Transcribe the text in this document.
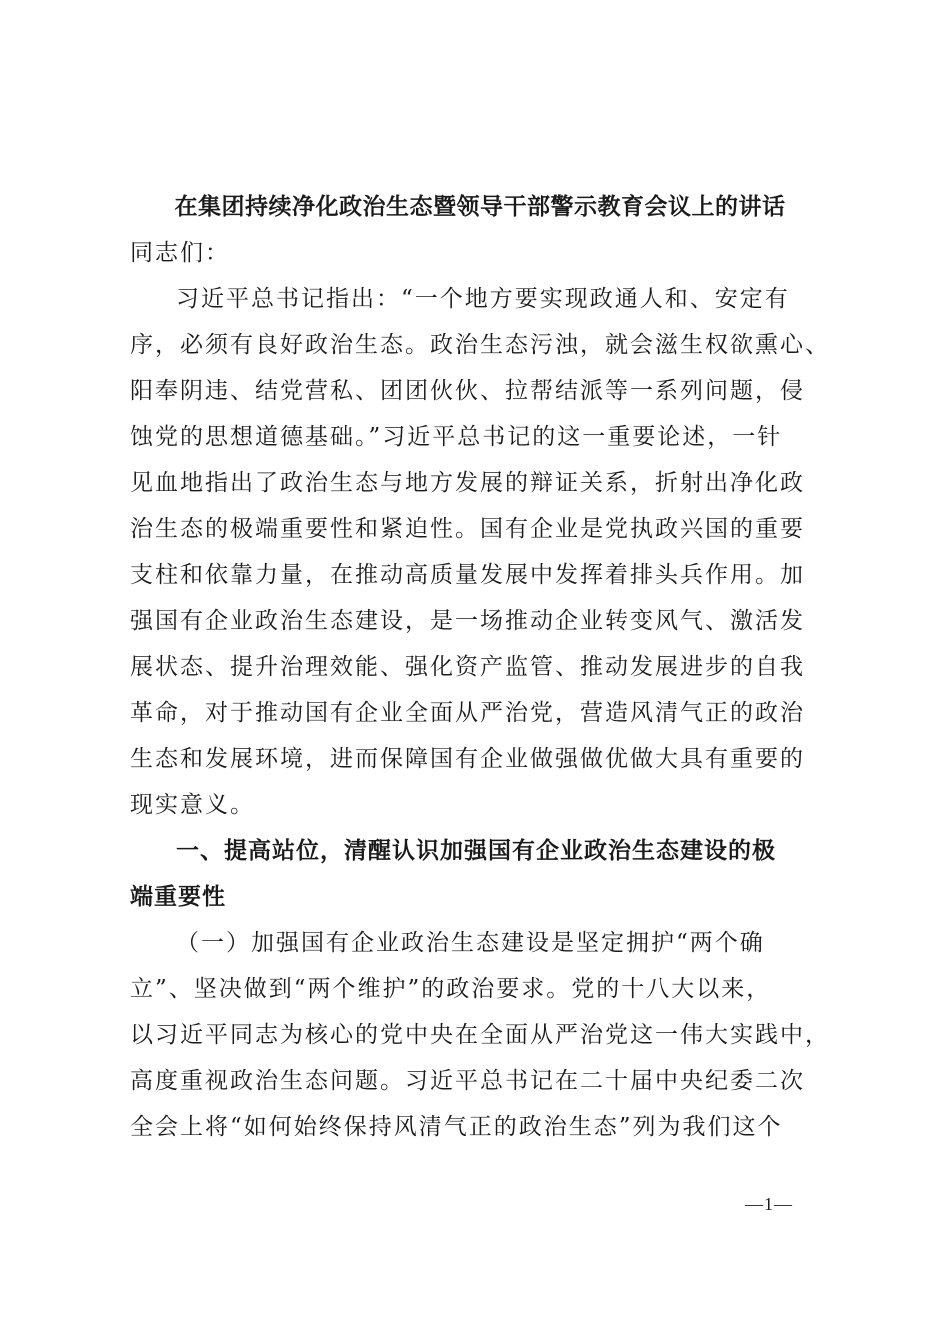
在集团持续净化政治生态暨领导干部警示教育会议上的讲话
同志们：
习近平总书记指出：“一个地方要实现政通人和、安定有
序，必须有良好政治生态。政治生态污浊，就会滋生权欲熏心、
阳奉阴违、结党营私、团团伙伙、拉帮结派等一系列问题，侵
蚀党的思想道德基础。”习近平总书记的这一重要论述，一针
见血地指出了政治生态与地方发展的辩证关系，折射出净化政
治生态的极端重要性和紧迫性。国有企业是党执政兴国的重要
支柱和依靠力量，在推动高质量发展中发挥着排头兵作用。加
强国有企业政治生态建设，是一场推动企业转变风气、激活发
展状态、提升治理效能、强化资产监管、推动发展进步的自我
革命，对于推动国有企业全面从严治党，营造风清气正的政治
生态和发展环境，进而保障国有企业做强做优做大具有重要的
现实意义。
一、提高站位，清醒认识加强国有企业政治生态建设的极
端重要性
（一）加强国有企业政治生态建设是坚定拥护“两个确
立”、坚决做到“两个维护”的政治要求。党的十八大以来，
以习近平同志为核心的党中央在全面从严治党这一伟大实践中，
高度重视政治生态问题。习近平总书记在二十届中央纪委二次
全会上将“如何始终保持风清气正的政治生态”列为我们这个
—1—
